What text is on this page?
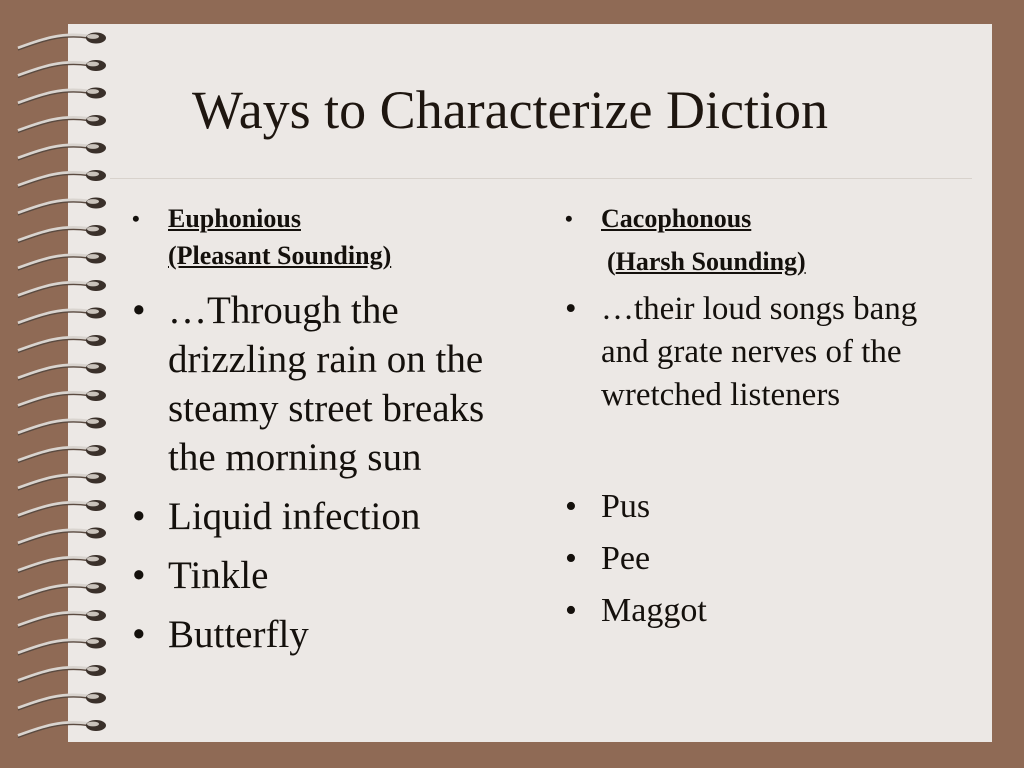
Ways to Characterize Diction
• Euphonious
(Pleasant Sounding)
• …Through the drizzling rain on the steamy street breaks the morning sun
• Liquid infection
• Tinkle
• Butterfly
• Cacophonous
(Harsh Sounding)
• …their loud songs bang and grate nerves of the wretched listeners
• Pus
• Pee
• Maggot
